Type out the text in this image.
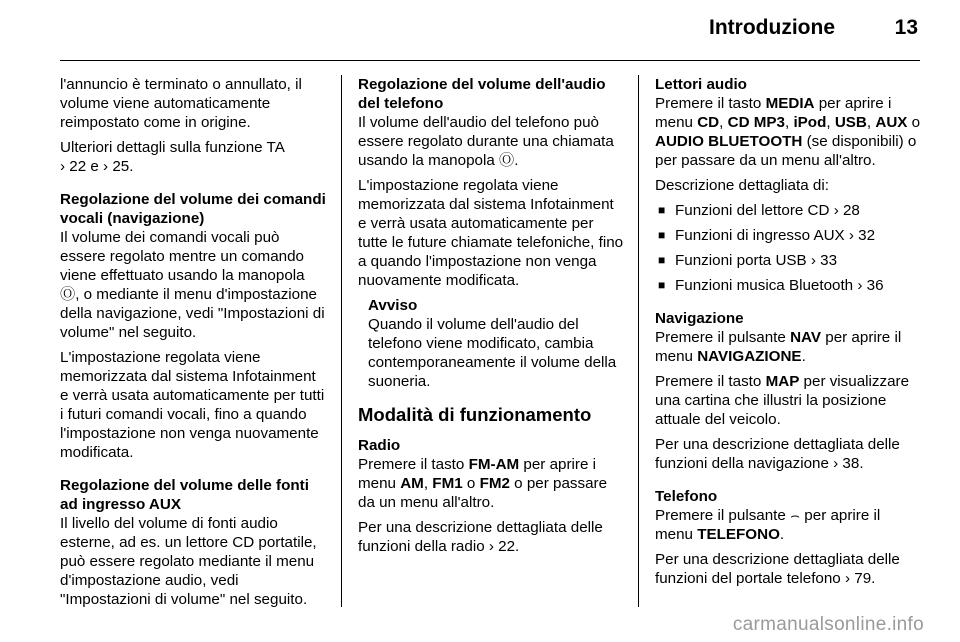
Introduzione	13

l'annuncio è terminato o annullato, il volume viene automaticamente reimpostato come in origine.

Ulteriori dettagli sulla funzione TA
› 22 e › 25.

Regolazione del volume dei comandi vocali (navigazione)

Il volume dei comandi vocali può essere regolato mentre un comando viene effettuato usando la manopola Ⓞ, o mediante il menu d'impostazione della navigazione, vedi "Impostazioni di volume" nel seguito.

L'impostazione regolata viene memorizzata dal sistema Infotainment e verrà usata automaticamente per tutti i futuri comandi vocali, fino a quando l'impostazione non venga nuovamente modificata.

Regolazione del volume delle fonti ad ingresso AUX

Il livello del volume di fonti audio esterne, ad es. un lettore CD portatile, può essere regolato mediante il menu d'impostazione audio, vedi "Impostazioni di volume" nel seguito.

Regolazione del volume dell'audio del telefono

Il volume dell'audio del telefono può essere regolato durante una chiamata usando la manopola Ⓞ.

L'impostazione regolata viene memorizzata dal sistema Infotainment e verrà usata automaticamente per tutte le future chiamate telefoniche, fino a quando l'impostazione non venga nuovamente modificata.

Avviso

Quando il volume dell'audio del telefono viene modificato, cambia contemporaneamente il volume della suoneria.

Modalità di funzionamento

Radio

Premere il tasto FM-AM per aprire i menu AM, FM1 o FM2 o per passare da un menu all'altro.

Per una descrizione dettagliata delle funzioni della radio › 22.

Lettori audio

Premere il tasto MEDIA per aprire i menu CD, CD MP3, iPod, USB, AUX o AUDIO BLUETOOTH (se disponibili) o per passare da un menu all'altro.

Descrizione dettagliata di:

■ Funzioni del lettore CD › 28
■ Funzioni di ingresso AUX › 32
■ Funzioni porta USB › 33
■ Funzioni musica Bluetooth › 36

Navigazione

Premere il pulsante NAV per aprire il menu NAVIGAZIONE.

Premere il tasto MAP per visualizzare una cartina che illustri la posizione attuale del veicolo.

Per una descrizione dettagliata delle funzioni della navigazione › 38.

Telefono

Premere il pulsante ⌢ per aprire il menu TELEFONO.

Per una descrizione dettagliata delle funzioni del portale telefono › 79.

carmanualsonline.info
